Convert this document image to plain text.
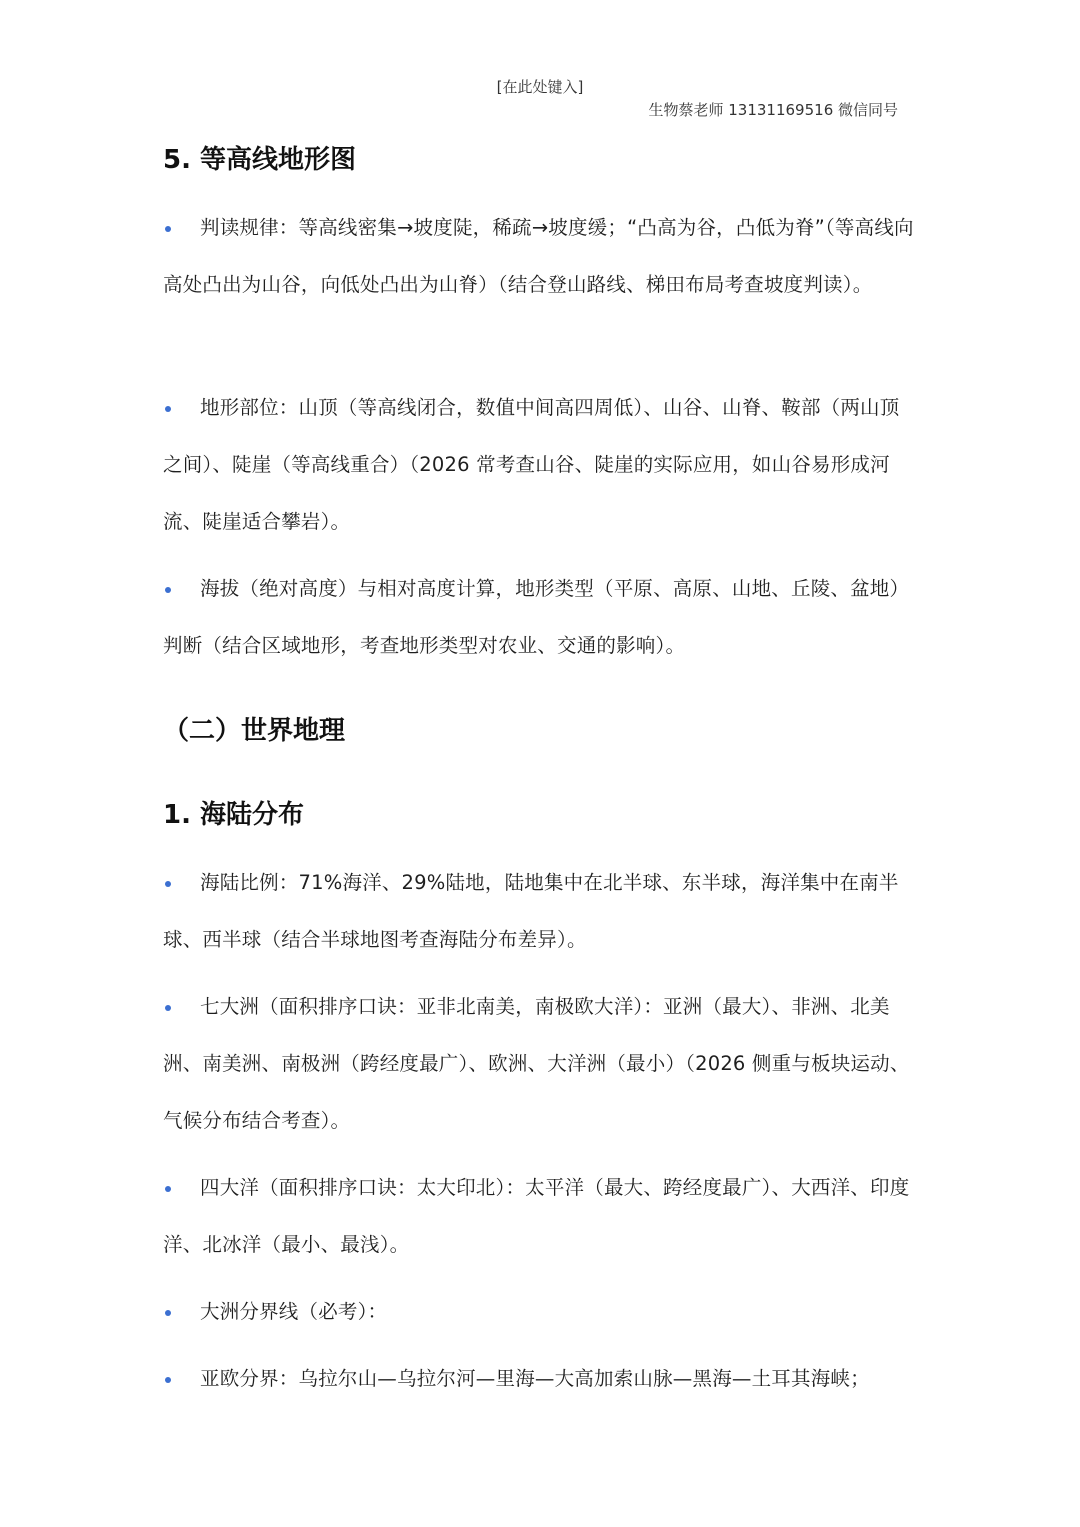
[在此处键入]
生物蔡老师 13131169516 微信同号
5. 等高线地形图
判读规律：等高线密集→坡度陡，稀疏→坡度缓；“凸高为谷，凸低为脊”（等高线向高处凸出为山谷，向低处凸出为山脊）（结合登山路线、梯田布局考查坡度判读）。
地形部位：山顶（等高线闭合，数值中间高四周低）、山谷、山脊、鞍部（两山顶之间）、陡崖（等高线重合）（2026 常考查山谷、陡崖的实际应用，如山谷易形成河流、陡崖适合攀岩）。
海拔（绝对高度）与相对高度计算，地形类型（平原、高原、山地、丘陵、盆地）判断（结合区域地形，考查地形类型对农业、交通的影响）。
（二）世界地理
1. 海陆分布
海陆比例：71%海洋、29%陆地，陆地集中在北半球、东半球，海洋集中在南半球、西半球（结合半球地图考查海陆分布差异）。
七大洲（面积排序口诀：亚非北南美，南极欧大洋）：亚洲（最大）、非洲、北美洲、南美洲、南极洲（跨经度最广）、欧洲、大洋洲（最小）（2026 侧重与板块运动、气候分布结合考查）。
四大洋（面积排序口诀：太大印北）：太平洋（最大、跨经度最广）、大西洋、印度洋、北冰洋（最小、最浅）。
大洲分界线（必考）：
亚欧分界：乌拉尔山—乌拉尔河—里海—大高加索山脉—黑海—土耳其海峡；
